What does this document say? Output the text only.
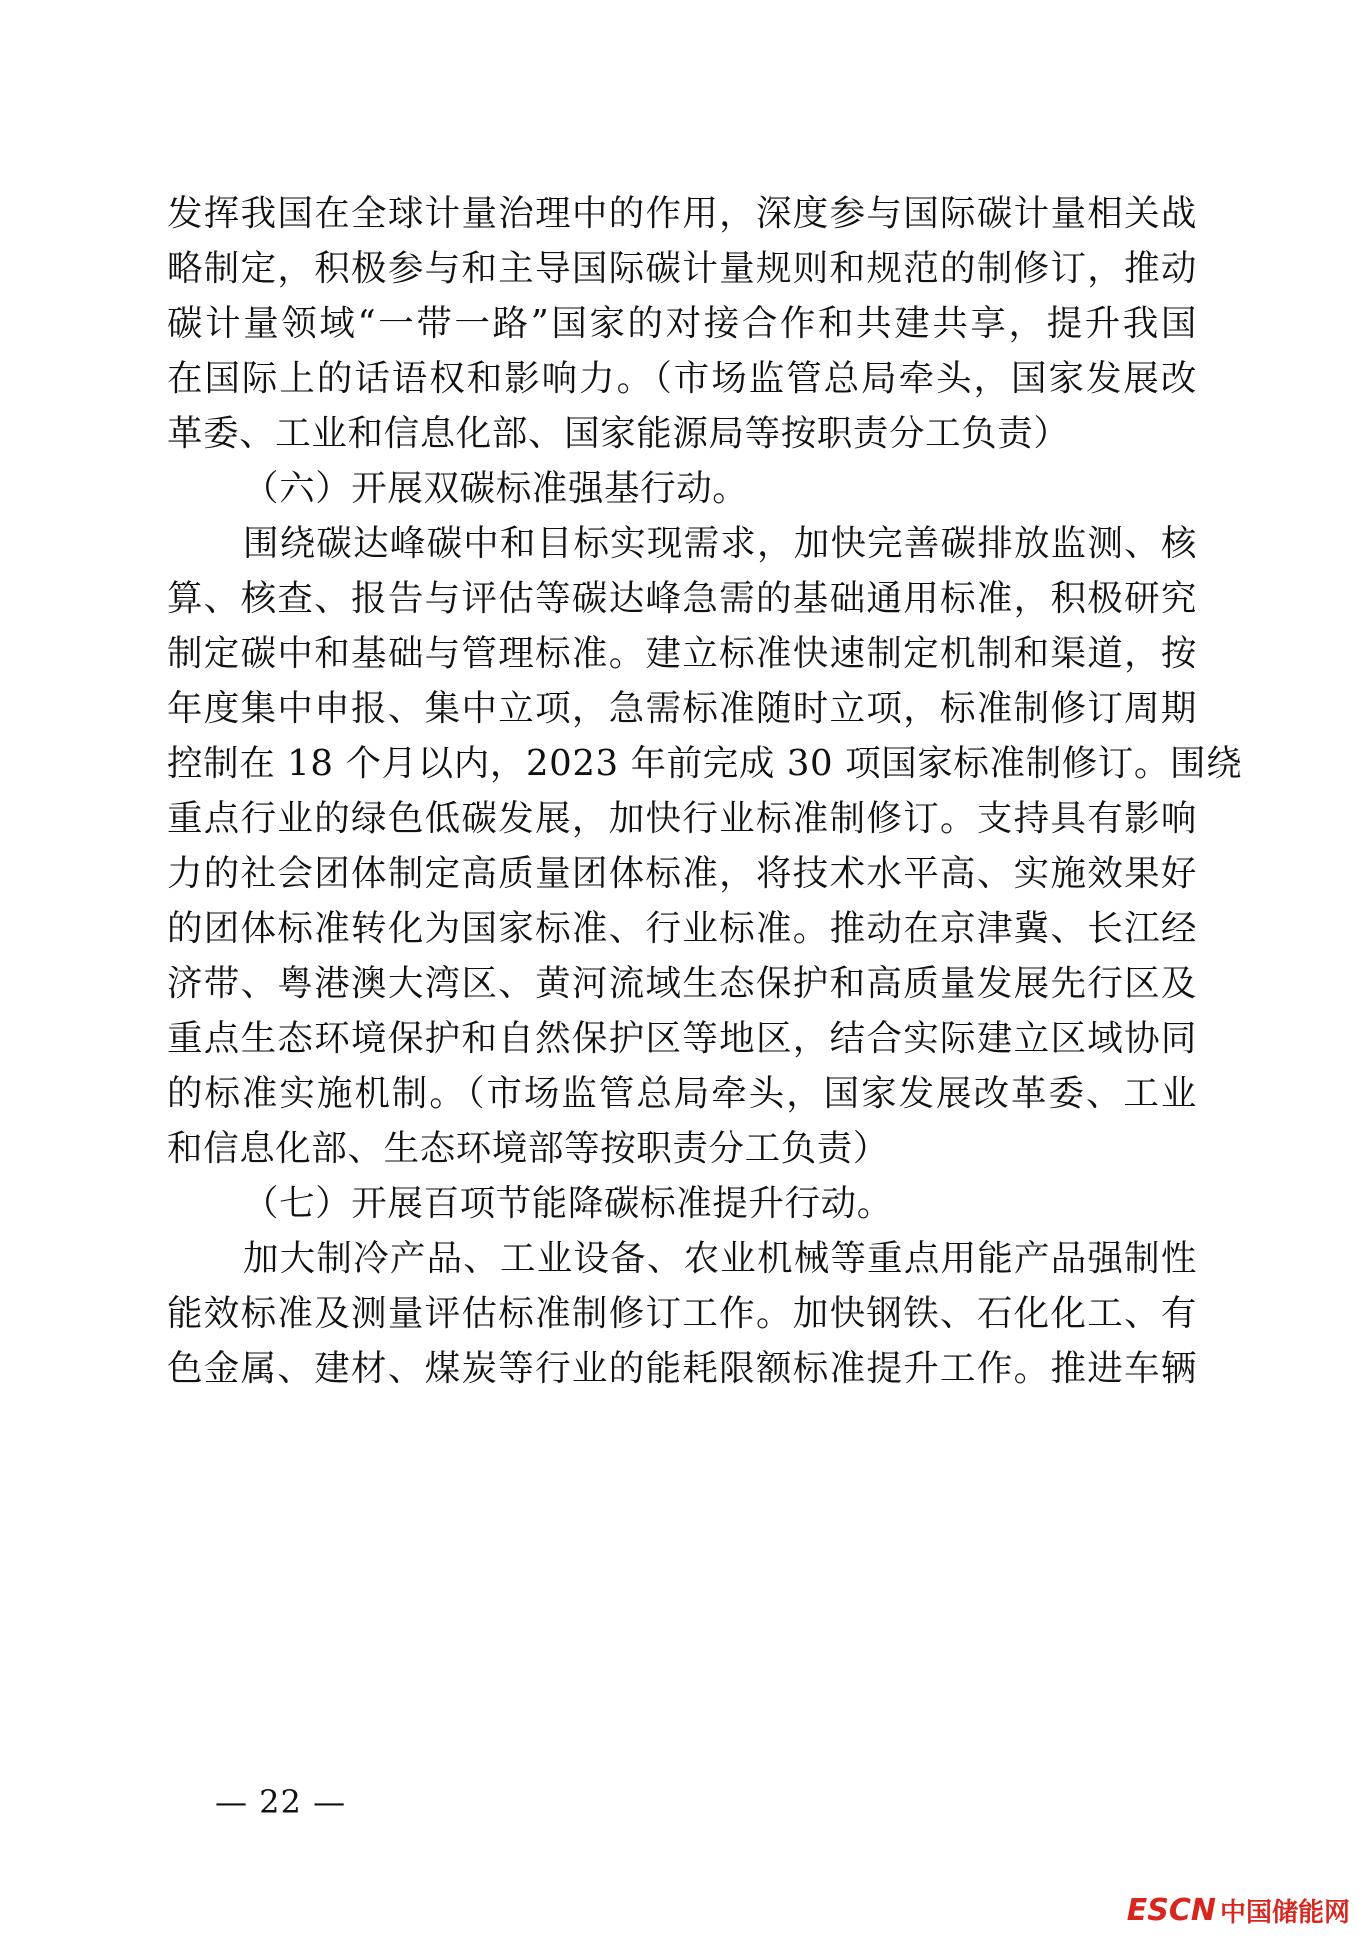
发挥我国在全球计量治理中的作用，深度参与国际碳计量相关战
略制定，积极参与和主导国际碳计量规则和规范的制修订，推动
碳计量领域“一带一路”国家的对接合作和共建共享，提升我国
在国际上的话语权和影响力。（市场监管总局牵头，国家发展改
革委、工业和信息化部、国家能源局等按职责分工负责）
（六）开展双碳标准强基行动。
围绕碳达峰碳中和目标实现需求，加快完善碳排放监测、核
算、核查、报告与评估等碳达峰急需的基础通用标准，积极研究
制定碳中和基础与管理标准。建立标准快速制定机制和渠道，按
年度集中申报、集中立项，急需标准随时立项，标准制修订周期
控制在 18 个月以内，2023 年前完成 30 项国家标准制修订。围绕
重点行业的绿色低碳发展，加快行业标准制修订。支持具有影响
力的社会团体制定高质量团体标准，将技术水平高、实施效果好
的团体标准转化为国家标准、行业标准。推动在京津冀、长江经
济带、粤港澳大湾区、黄河流域生态保护和高质量发展先行区及
重点生态环境保护和自然保护区等地区，结合实际建立区域协同
的标准实施机制。（市场监管总局牵头，国家发展改革委、工业
和信息化部、生态环境部等按职责分工负责）
（七）开展百项节能降碳标准提升行动。
加大制冷产品、工业设备、农业机械等重点用能产品强制性
能效标准及测量评估标准制修订工作。加快钢铁、石化化工、有
色金属、建材、煤炭等行业的能耗限额标准提升工作。推进车辆
— 22 —
ESCN 中国储能网
